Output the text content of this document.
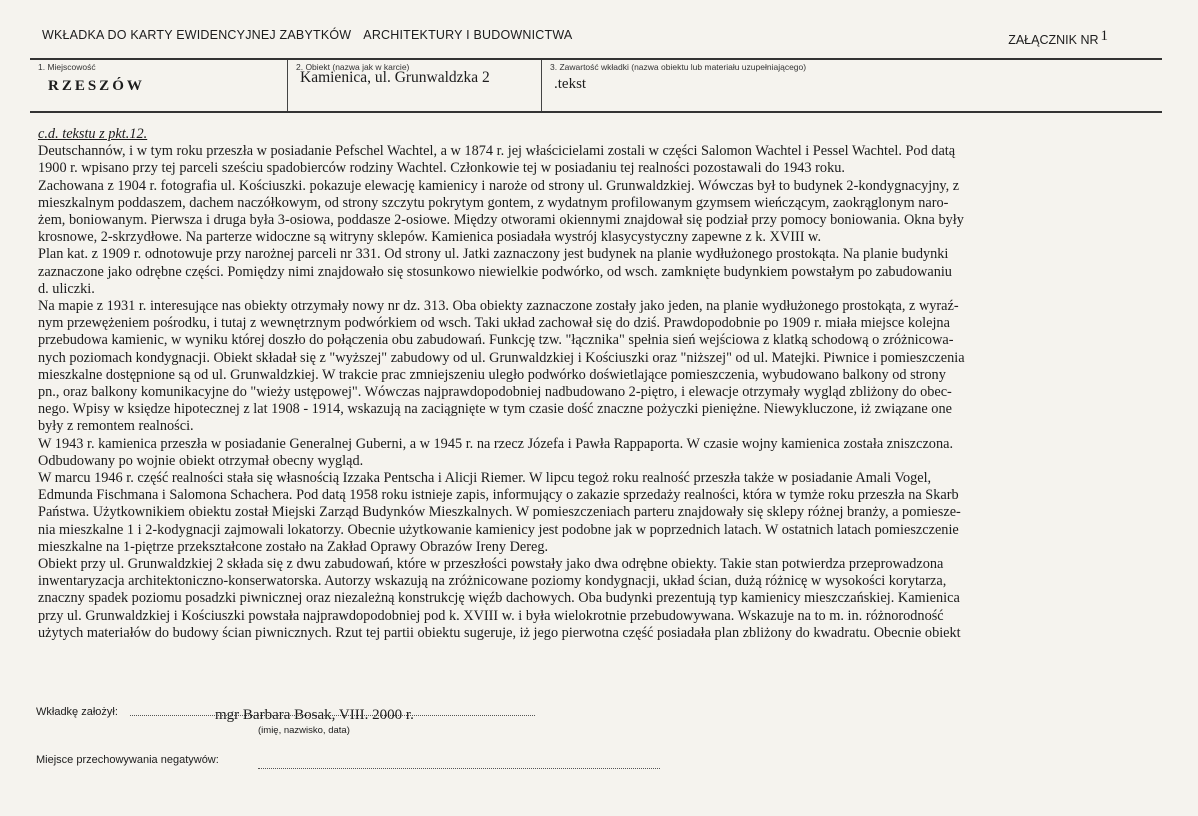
WKŁADKA DO KARTY EWIDENCYJNEJ ZABYTKÓW ARCHITEKTURY I BUDOWNICTWA	ZAŁĄCZNIK NR $^1$
1. Miejscowość
RZESZÓW
2. Obiekt (nazwa jak w karcie)
Kamienica, ul. Grunwaldzka 2
3. Zawartość wkładki (nazwa obiektu lub materiału uzupełniającego)
.tekst

c.d. tekstu z pkt.12.

Deutschannów, i w tym roku przeszła w posiadanie Pefschel Wachtel, a w 1874 r. jej właścicielami zostali w części Salomon Wachtel i Pessel Wachtel. Pod datą

1900 r. wpisano przy tej parceli sześciu spadobierców rodziny Wachtel. Członkowie tej w posiadaniu tej realności pozostawali do 1943 roku.

Zachowana z 1904 r. fotografia ul. Kościuszki. pokazuje elewację kamienicy i naroże od strony ul. Grunwaldzkiej. Wówczas był to budynek 2-kondygnacyjny, z

mieszkalnym poddaszem, dachem naczółkowym, od strony szczytu pokrytym gontem, z wydatnym profilowanym gzymsem wieńczącym, zaokrąglonym naro-

żem, boniowanym. Pierwsza i druga była 3-osiowa, poddasze 2-osiowe. Między otworami okiennymi znajdował się podział przy pomocy boniowania. Okna były

krosnowe, 2-skrzydłowe. Na parterze widoczne są witryny sklepów. Kamienica posiadała wystrój klasycystyczny zapewne z k. XVIII w.

Plan kat. z 1909 r. odnotowuje przy narożnej parceli nr 331. Od strony ul. Jatki zaznaczony jest budynek na planie wydłużonego prostokąta. Na planie budynki

zaznaczone jako odrębne części. Pomiędzy nimi znajdowało się stosunkowo niewielkie podwórko, od wsch. zamknięte budynkiem powstałym po zabudowaniu

d. uliczki.

Na mapie z 1931 r. interesujące nas obiekty otrzymały nowy nr dz. 313. Oba obiekty zaznaczone zostały jako jeden, na planie wydłużonego prostokąta, z wyraź-

nym przewężeniem pośrodku, i tutaj z wewnętrznym podwórkiem od wsch. Taki układ zachował się do dziś. Prawdopodobnie po 1909 r. miała miejsce kolejna

przebudowa kamienic, w wyniku której doszło do połączenia obu zabudowań. Funkcję tzw. "łącznika" spełnia sień wejściowa z klatką schodową o zróżnicowa-

nych poziomach kondygnacji. Obiekt składał się z "wyższej" zabudowy od ul. Grunwaldzkiej i Kościuszki oraz "niższej" od ul. Matejki. Piwnice i pomieszczenia

mieszkalne dostępnione są od ul. Grunwaldzkiej. W trakcie prac zmniejszeniu uległo podwórko doświetlające pomieszczenia, wybudowano balkony od strony

pn., oraz balkony komunikacyjne do "wieży ustępowej". Wówczas najprawdopodobniej nadbudowano 2-piętro, i elewacje otrzymały wygląd zbliżony do obec-

nego. Wpisy w księdze hipotecznej z lat 1908 - 1914, wskazują na zaciągnięte w tym czasie dość znaczne pożyczki pieniężne. Niewykluczone, iż związane one

były z remontem realności.

W 1943 r. kamienica przeszła w posiadanie Generalnej Guberni, a w 1945 r. na rzecz Józefa i Pawła Rappaporta. W czasie wojny kamienica została zniszczona.

Odbudowany po wojnie obiekt otrzymał obecny wygląd.

W marcu 1946 r. część realności stała się własnością Izzaka Pentscha i Alicji Riemer. W lipcu tegoż roku realność przeszła także w posiadanie Amali Vogel,

Edmunda Fischmana i Salomona Schachera. Pod datą 1958 roku istnieje zapis, informujący o zakazie sprzedaży realności, która w tymże roku przeszła na Skarb

Państwa. Użytkownikiem obiektu został Miejski Zarząd Budynków Mieszkalnych. W pomieszczeniach parteru znajdowały się sklepy różnej branży, a pomiesze-

nia mieszkalne 1 i 2-kodygnacji zajmowali lokatorzy. Obecnie użytkowanie kamienicy jest podobne jak w poprzednich latach. W ostatnich latach pomieszczenie

mieszkalne na 1-piętrze przekształcone zostało na Zakład Oprawy Obrazów Ireny Dereg.

Obiekt przy ul. Grunwaldzkiej 2 składa się z dwu zabudowań, które w przeszłości powstały jako dwa odrębne obiekty. Takie stan potwierdza przeprowadzona

inwentaryzacja architektoniczno-konserwatorska. Autorzy wskazują na zróżnicowane poziomy kondygnacji, układ ścian, dużą różnicę w wysokości korytarza,

znaczny spadek poziomu posadzki piwnicznej oraz niezależną konstrukcję więźb dachowych. Oba budynki prezentują typ kamienicy mieszczańskiej. Kamienica

przy ul. Grunwaldzkiej i Kościuszki powstała najprawdopodobniej pod k. XVIII w. i była wielokrotnie przebudowywana. Wskazuje na to m. in. różnorodność

użytych materiałów do budowy ścian piwnicznych. Rzut tej partii obiektu sugeruje, iż jego pierwotna część posiadała plan zbliżony do kwadratu. Obecnie obiekt

Wkładkę założył:	mgr Barbara Bosak, VIII. 2000 r.
(imię, nazwisko, data)
Miejsce przechowywania negatywów:
